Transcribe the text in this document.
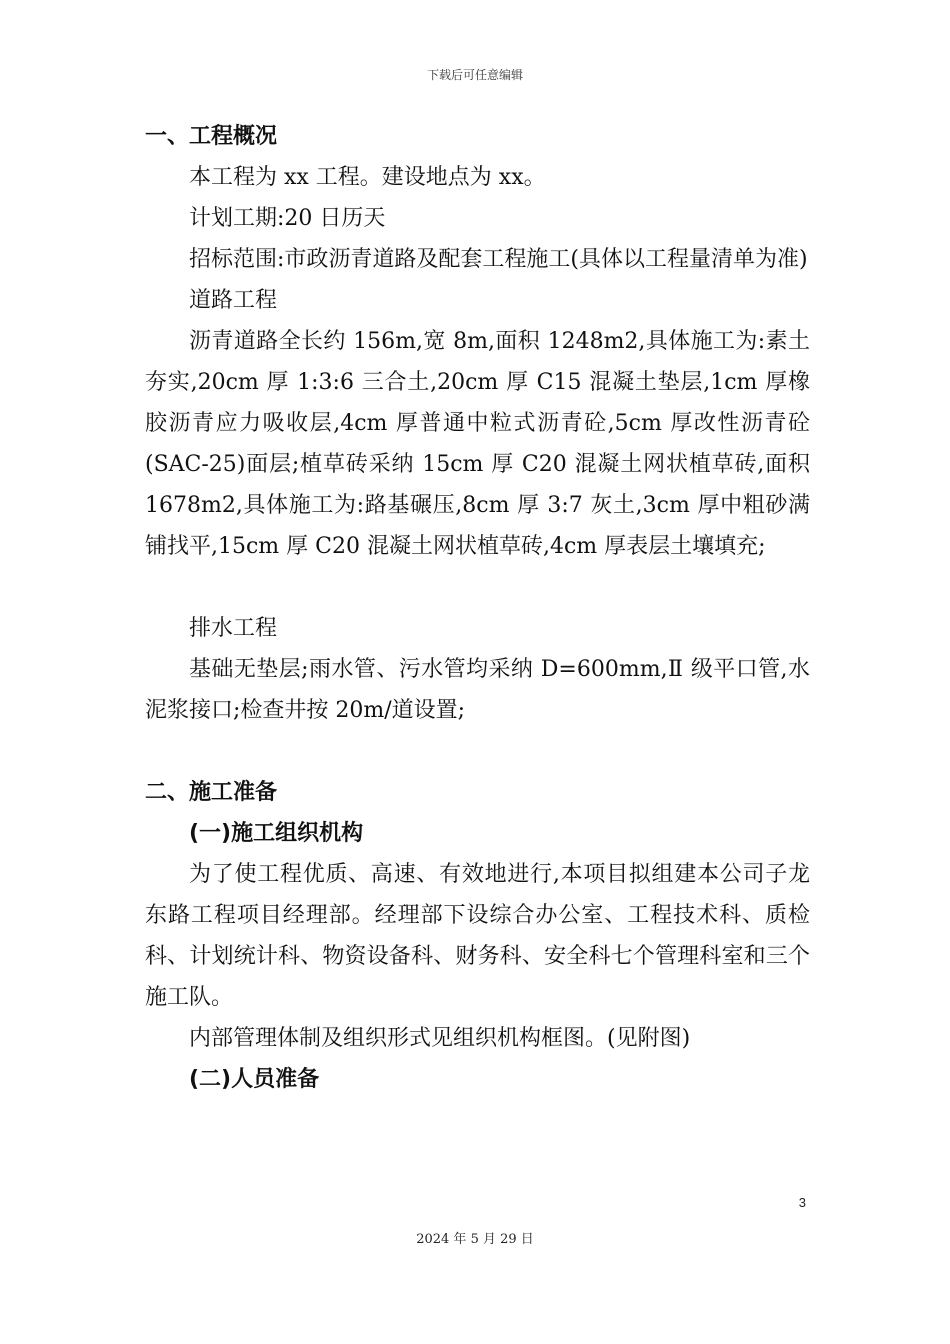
下载后可任意编辑
一、工程概况
本工程为 xx 工程。建设地点为 xx。
计划工期:20 日历天
招标范围:市政沥青道路及配套工程施工(具体以工程量清单为准)
道路工程
沥青道路全长约 156m,宽 8m,面积 1248m2,具体施工为:素土夯实,20cm 厚 1:3:6 三合土,20cm 厚 C15 混凝土垫层,1cm 厚橡胶沥青应力吸收层,4cm 厚普通中粒式沥青砼,5cm 厚改性沥青砼(SAC-25)面层;植草砖采纳 15cm 厚 C20 混凝土网状植草砖,面积 1678m2,具体施工为:路基碾压,8cm 厚 3:7 灰土,3cm 厚中粗砂满铺找平,15cm 厚 C20 混凝土网状植草砖,4cm 厚表层土壤填充;
排水工程
基础无垫层;雨水管、污水管均采纳 D=600mm,Ⅱ 级平口管,水泥浆接口;检查井按 20m/道设置;
二、施工准备
(一)施工组织机构
为了使工程优质、高速、有效地进行,本项目拟组建本公司子龙东路工程项目经理部。经理部下设综合办公室、工程技术科、质检科、计划统计科、物资设备科、财务科、安全科七个管理科室和三个施工队。
内部管理体制及组织形式见组织机构框图。(见附图)
(二)人员准备
3
2024 年 5 月 29 日
